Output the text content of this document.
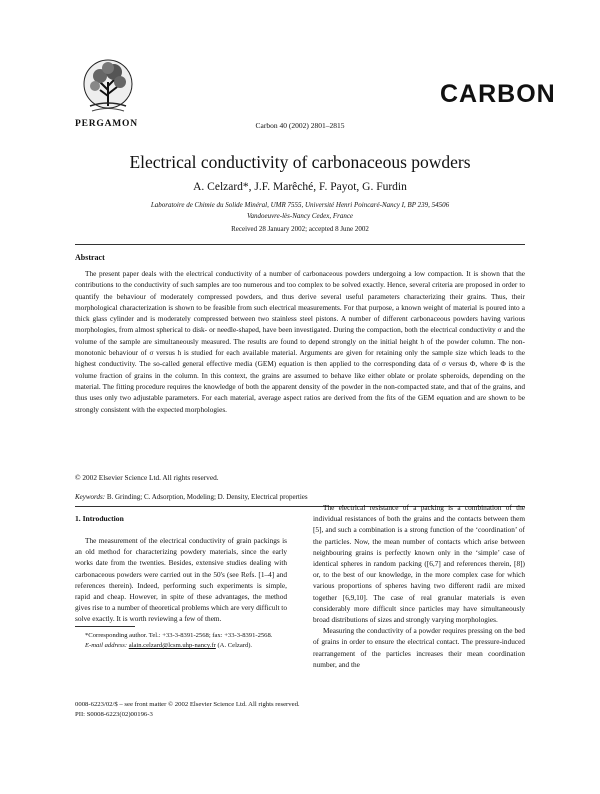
PERGAMON
CARBON
Carbon 40 (2002) 2801–2815
Electrical conductivity of carbonaceous powders
A. Celzard*, J.F. Marêché, F. Payot, G. Furdin
Laboratoire de Chimie du Solide Minéral, UMR 7555, Université Henri Poincaré-Nancy I, BP 239, 54506 Vandoeuvre-lès-Nancy Cedex, France
Received 28 January 2002; accepted 8 June 2002
Abstract

The present paper deals with the electrical conductivity of a number of carbonaceous powders undergoing a low compaction. It is shown that the contributions to the conductivity of such samples are too numerous and too complex to be solved exactly. Hence, several criteria are proposed in order to quantify the behaviour of moderately compressed powders, and thus derive several useful parameters characterizing their grains. Thus, their morphological characterization is shown to be feasible from such electrical measurements. For that purpose, a known weight of material is poured into a thick glass cylinder and is moderately compressed between two stainless steel pistons. A number of different carbonaceous powders having various morphologies, from almost spherical to disk- or needle-shaped, have been investigated. During the compaction, both the electrical conductivity σ and the volume of the sample are simultaneously measured. The results are found to depend strongly on the initial height h of the powder column. The non-monotonic behaviour of σ versus h is studied for each available material. Arguments are given for retaining only the sample size which leads to the highest conductivity. The so-called general effective media (GEM) equation is then applied to the corresponding data of σ versus Φ, where Φ is the volume fraction of grains in the column. In this context, the grains are assumed to behave like either oblate or prolate spheroids, depending on the material. The fitting procedure requires the knowledge of both the apparent density of the powder in the non-compacted state, and that of the grains, and thus uses only two adjustable parameters. For each material, average aspect ratios are derived from the fits of the GEM equation and are shown to be strongly consistent with the expected morphologies.

© 2002 Elsevier Science Ltd. All rights reserved.
Keywords: B. Grinding; C. Adsorption, Modeling; D. Density, Electrical properties

1. Introduction

The measurement of the electrical conductivity of grain packings is an old method for characterizing powdery materials, since the early works date from the twenties. Besides, extensive studies dealing with carbonaceous powders were carried out in the 50's (see Refs. [1–4] and references therein). Indeed, performing such experiments is simple, rapid and cheap. However, in spite of these advantages, the method gives rise to a number of theoretical problems which are very difficult to solve exactly. It is worth reviewing a few of them.

The electrical resistance of a packing is a combination of the individual resistances of both the grains and the contacts between them [5], and such a combination is a strong function of the ‘coordination’ of the particles. Now, the mean number of contacts which arise between neighbouring grains is perfectly known only in the ‘simple’ case of identical spheres in random packing ([6,7] and references therein, [8]) or, to the best of our knowledge, in the more complex case for which various proportions of spheres having two different radii are mixed together [6,9,10]. The case of real granular materials is even considerably more difficult since particles may have simultaneously broad distributions of sizes and strongly varying morphologies.

Measuring the conductivity of a powder requires pressing on the bed of grains in order to ensure the electrical contact. The pressure-induced rearrangement of the particles increases their mean coordination number, and the

*Corresponding author. Tel.: +33-3-8391-2568; fax: +33-3-8391-2568.

E-mail address: alain.celzard@lcsm.uhp-nancy.fr (A. Celzard).

0008-6223/02/$ – see front matter © 2002 Elsevier Science Ltd. All rights reserved.
PII: S0008-6223(02)00196-3
